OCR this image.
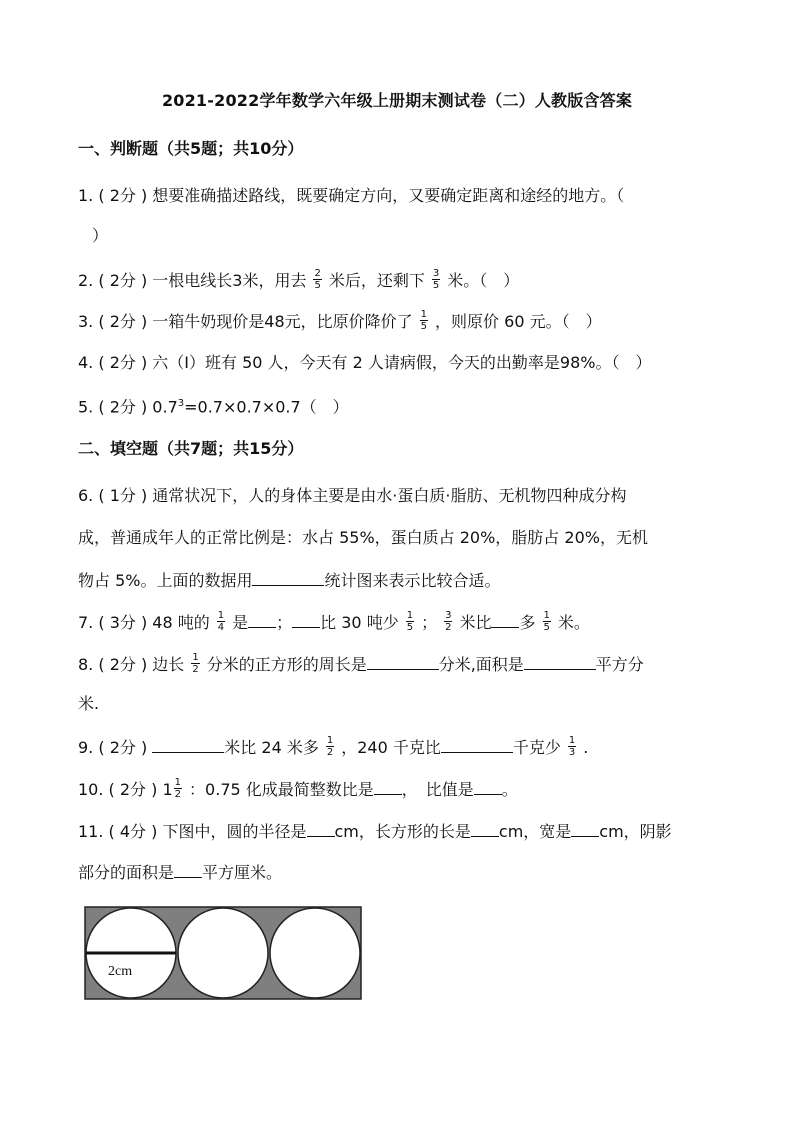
2021-2022学年数学六年级上册期末测试卷（二）人教版含答案
一、判断题（共5题；共10分）
1. ( 2分 ) 想要准确描述路线，既要确定方向，又要确定距离和途经的地方。（
）
2. ( 2分 ) 一根电线长3米，用去 $\frac{2}{5}$ 米后，还剩下 $\frac{3}{5}$ 米。（　）
3. ( 2分 ) 一箱牛奶现价是48元，比原价降价了 $\frac{1}{5}$ ，则原价 60 元。（　）
4. ( 2分 ) 六（I）班有 50 人，今天有 2 人请病假，今天的出勤率是98%。（　）
5. ( 2分 ) $0.7^3=0.7\times 0.7\times 0.7$（　）
二、填空题（共7题；共15分）
6. ( 1分 ) 通常状况下，人的身体主要是由水·蛋白质·脂肪、无机物四种成分构
成，普通成年人的正常比例是：水占 55%，蛋白质占 20%，脂肪占 20%，无机
物占 5%。上面的数据用	统计图来表示比较合适。
7. ( 3分 ) 48 吨的 $\frac{1}{4}$ 是 ； 比 30 吨少 $\frac{1}{5}$ ； $\frac{3}{2}$ 米比 多 $\frac{1}{5}$ 米。
8. ( 2分 ) 边长 $\frac{1}{2}$ 分米的正方形的周长是	分米,面积是	平方分
米.
9. ( 2分 )	米比 24 米多 $\frac{1}{2}$ ，240 千克比	千克少 $\frac{1}{3}$ .
10. ( 2分 ) $1 \frac{1}{2}$ ：0.75 化成最简整数比是 ，　比值是 。
11. ( 4分 ) 下图中，圆的半径是 cm，长方形的长是 cm，宽是 cm，阴影
部分的面积是 平方厘米。
2cm
